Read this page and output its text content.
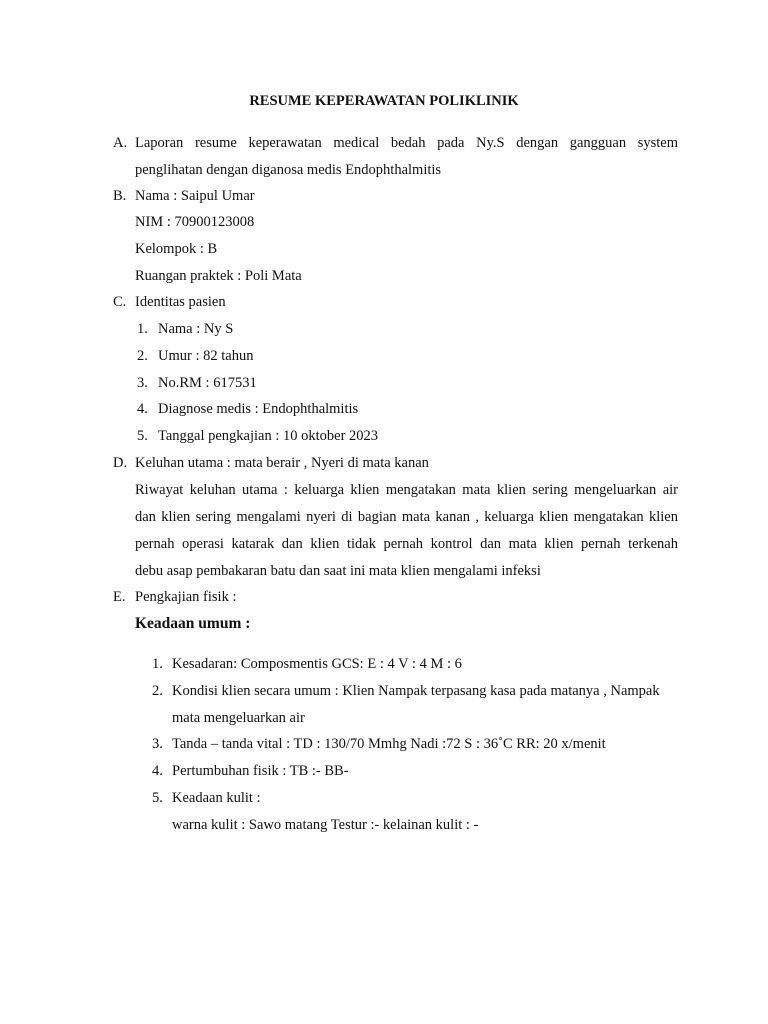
RESUME KEPERAWATAN POLIKLINIK
A. Laporan resume keperawatan medical bedah pada Ny.S dengan gangguan system
penglihatan dengan diganosa medis Endophthalmitis
B. Nama : Saipul Umar
NIM : 70900123008
Kelompok : B
Ruangan praktek : Poli Mata
C. Identitas pasien
1. Nama : Ny S
2. Umur : 82 tahun
3. No.RM : 617531
4. Diagnose medis : Endophthalmitis
5. Tanggal pengkajian : 10 oktober 2023
D. Keluhan utama : mata berair , Nyeri di mata kanan
Riwayat keluhan utama : keluarga klien mengatakan mata klien sering mengeluarkan air
dan klien sering mengalami nyeri di bagian mata kanan , keluarga klien mengatakan klien
pernah operasi katarak dan klien tidak pernah kontrol dan mata klien pernah terkenah
debu asap pembakaran batu dan saat ini mata klien mengalami infeksi
E. Pengkajian fisik :
Keadaan umum :
1. Kesadaran: Composmentis GCS: E : 4 V : 4 M : 6
2. Kondisi klien secara umum : Klien Nampak terpasang kasa pada matanya , Nampak
mata mengeluarkan air
3. Tanda – tanda vital : TD : 130/70 Mmhg Nadi :72 S : 36˚C RR: 20 x/menit
4. Pertumbuhan fisik : TB :- BB-
5. Keadaan kulit :
warna kulit : Sawo matang Testur :- kelainan kulit : -
